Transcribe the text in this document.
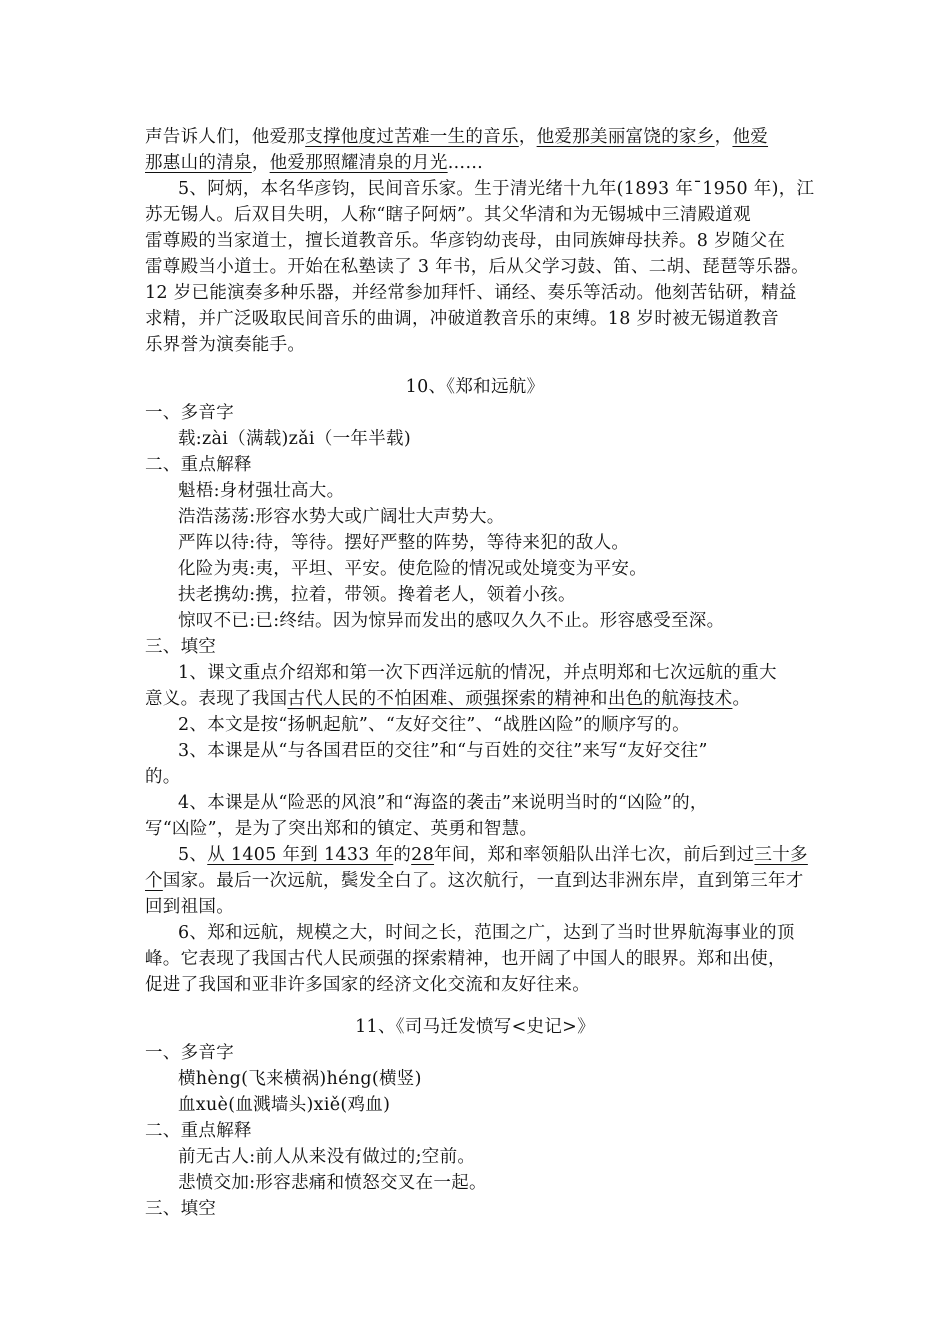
声告诉人们，他爱那支撑他度过苦难一生的音乐，他爱那美丽富饶的家乡，他爱
那惠山的清泉，他爱那照耀清泉的月光……
5、阿炳，本名华彦钧，民间音乐家。生于清光绪十九年(1893 年ˉ1950 年)，江
苏无锡人。后双目失明，人称“瞎子阿炳”。其父华清和为无锡城中三清殿道观
雷尊殿的当家道士，擅长道教音乐。华彦钧幼丧母，由同族婶母扶养。8 岁随父在
雷尊殿当小道士。开始在私塾读了 3 年书，后从父学习鼓、笛、二胡、琵琶等乐器。
12 岁已能演奏多种乐器，并经常参加拜忏、诵经、奏乐等活动。他刻苦钻研，精益
求精，并广泛吸取民间音乐的曲调，冲破道教音乐的束缚。18 岁时被无锡道教音
乐界誉为演奏能手。
10、《郑和远航》
一、多音字
载:zài（满载)zǎi（一年半载)
二、重点解释
魁梧:身材强壮高大。
浩浩荡荡:形容水势大或广阔壮大声势大。
严阵以待:待，等待。摆好严整的阵势，等待来犯的敌人。
化险为夷:夷，平坦、平安。使危险的情况或处境变为平安。
扶老携幼:携，拉着，带领。搀着老人，领着小孩。
惊叹不已:已:终结。因为惊异而发出的感叹久久不止。形容感受至深。
三、填空
1、课文重点介绍郑和第一次下西洋远航的情况，并点明郑和七次远航的重大
意义。表现了我国古代人民的不怕困难、顽强探索的精神和出色的航海技术。
2、本文是按“扬帆起航”、“友好交往”、“战胜凶险”的顺序写的。
3、本课是从“与各国君臣的交往”和“与百姓的交往”来写“友好交往”
的。
4、本课是从“险恶的风浪”和“海盗的袭击”来说明当时的“凶险”的，
写“凶险”，是为了突出郑和的镇定、英勇和智慧。
5、从 1405 年到 1433 年的28年间，郑和率领船队出洋七次，前后到过三十多
个国家。最后一次远航，鬓发全白了。这次航行，一直到达非洲东岸，直到第三年才
回到祖国。
6、郑和远航，规模之大，时间之长，范围之广，达到了当时世界航海事业的顶
峰。它表现了我国古代人民顽强的探索精神，也开阔了中国人的眼界。郑和出使，
促进了我国和亚非许多国家的经济文化交流和友好往来。
11、《司马迁发愤写<史记>》
一、多音字
横hèng(飞来横祸)héng(横竖)
血xuè(血溅墙头)xiě(鸡血)
二、重点解释
前无古人:前人从来没有做过的;空前。
悲愤交加:形容悲痛和愤怒交叉在一起。
三、填空
